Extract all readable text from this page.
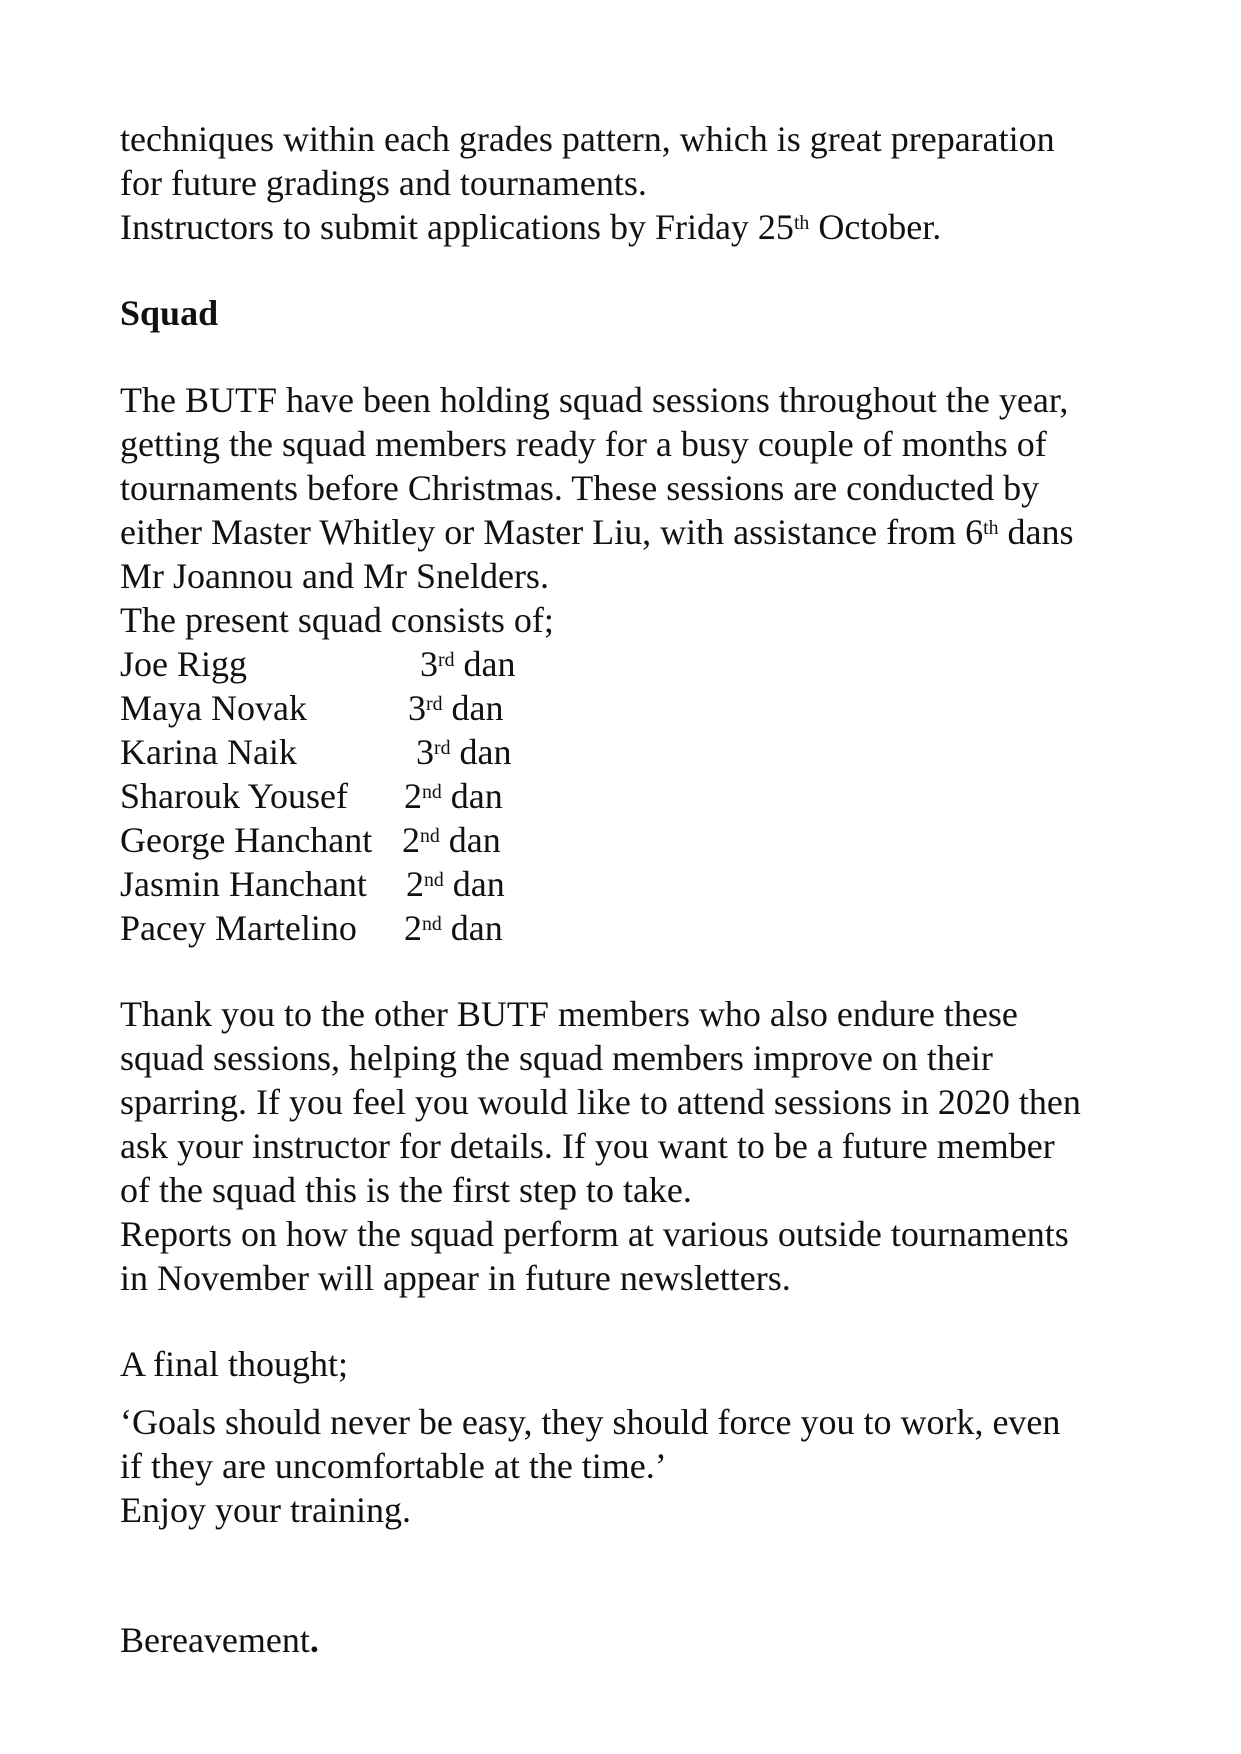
techniques within each grades pattern, which is great preparation
for future gradings and tournaments.
Instructors to submit applications by Friday 25th October.
Squad
The BUTF have been holding squad sessions throughout the year,
getting the squad members ready for a busy couple of months of
tournaments before Christmas. These sessions are conducted by
either Master Whitley or Master Liu, with assistance from 6th dans
Mr Joannou and Mr Snelders.
The present squad consists of;
Joe Rigg	3rd dan
Maya Novak	3rd dan
Karina Naik	3rd dan
Sharouk Yousef 2nd dan
George Hanchant 2nd dan
Jasmin Hanchant 2nd dan
Pacey Martelino 2nd dan
Thank you to the other BUTF members who also endure these
squad sessions, helping the squad members improve on their
sparring. If you feel you would like to attend sessions in 2020 then
ask your instructor for details. If you want to be a future member
of the squad this is the first step to take.
Reports on how the squad perform at various outside tournaments
in November will appear in future newsletters.
A final thought;
‘Goals should never be easy, they should force you to work, even
if they are uncomfortable at the time.’
Enjoy your training.
Bereavement.
